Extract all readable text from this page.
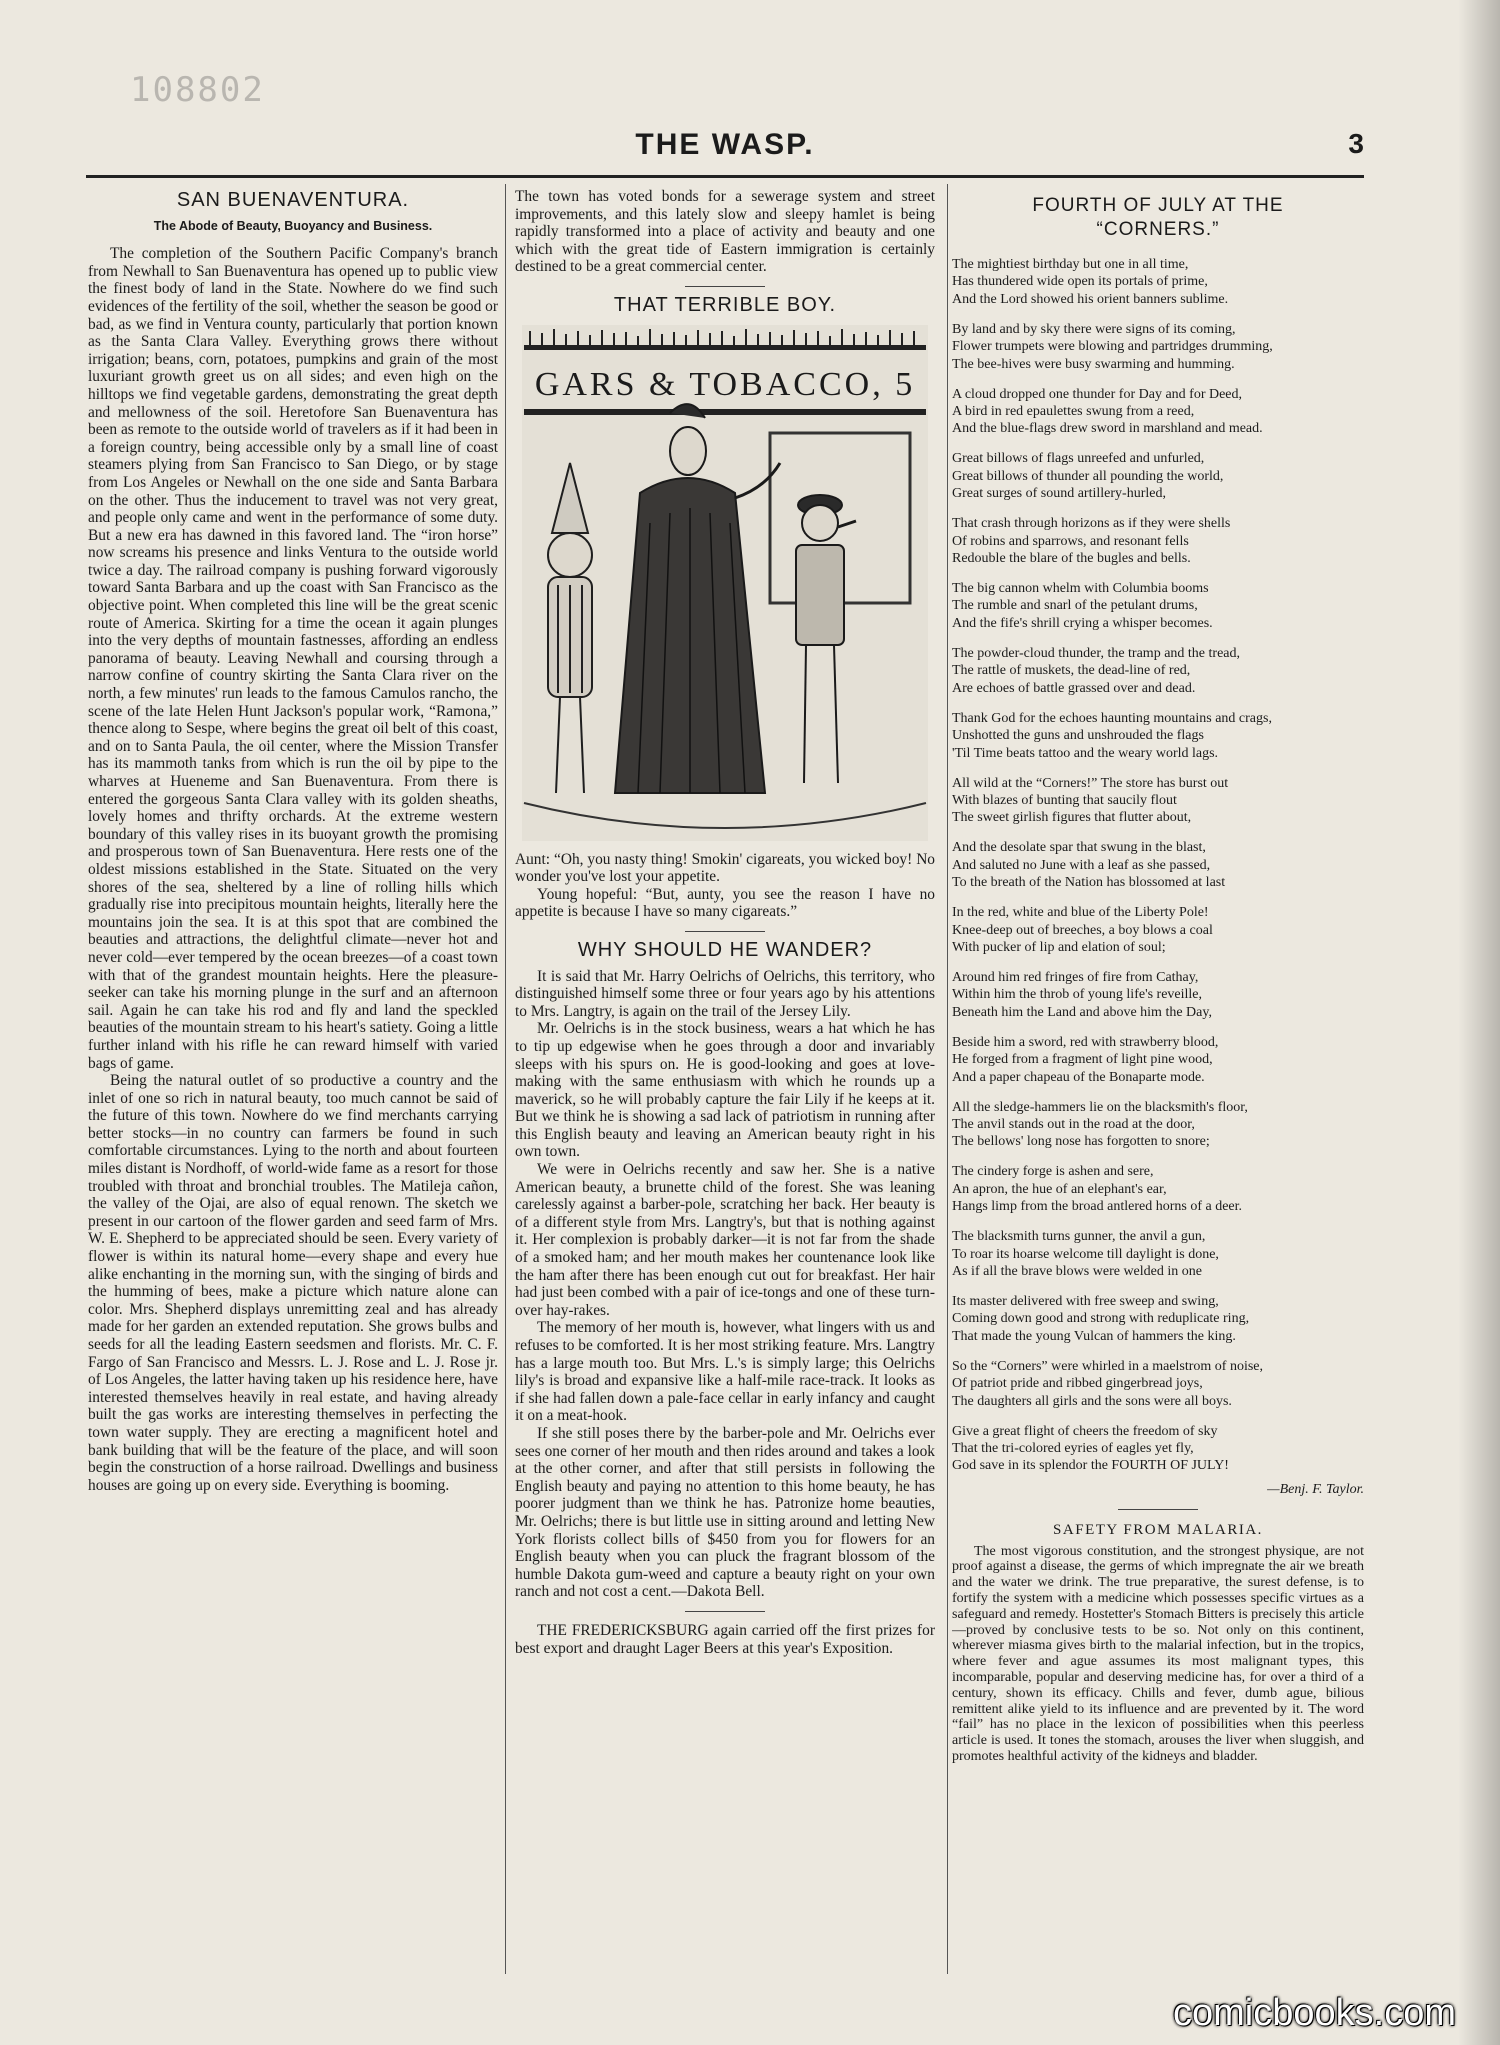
108802
THE WASP.	3
SAN BUENAVENTURA.
The Abode of Beauty, Buoyancy and Business.

The completion of the Southern Pacific Company's branch from Newhall to San Buenaventura has opened up to public view the finest body of land in the State. Nowhere do we find such evidences of the fertility of the soil, whether the season be good or bad, as we find in Ventura county, particularly that portion known as the Santa Clara Valley. Everything grows there without irrigation; beans, corn, potatoes, pumpkins and grain of the most luxuriant growth greet us on all sides; and even high on the hilltops we find vegetable gardens, demonstrating the great depth and mellowness of the soil. Heretofore San Buenaventura has been as remote to the outside world of travelers as if it had been in a foreign country, being accessible only by a small line of coast steamers plying from San Francisco to San Diego, or by stage from Los Angeles or Newhall on the one side and Santa Barbara on the other. Thus the inducement to travel was not very great, and people only came and went in the performance of some duty. But a new era has dawned in this favored land. The “iron horse” now screams his presence and links Ventura to the outside world twice a day. The railroad company is pushing forward vigorously toward Santa Barbara and up the coast with San Francisco as the objective point. When completed this line will be the great scenic route of America. Skirting for a time the ocean it again plunges into the very depths of mountain fastnesses, affording an endless panorama of beauty. Leaving Newhall and coursing through a narrow confine of country skirting the Santa Clara river on the north, a few minutes' run leads to the famous Camulos rancho, the scene of the late Helen Hunt Jackson's popular work, “Ramona,” thence along to Sespe, where begins the great oil belt of this coast, and on to Santa Paula, the oil center, where the Mission Transfer has its mammoth tanks from which is run the oil by pipe to the wharves at Hueneme and San Buenaventura. From there is entered the gorgeous Santa Clara valley with its golden sheaths, lovely homes and thrifty orchards. At the extreme western boundary of this valley rises in its buoyant growth the promising and prosperous town of San Buenaventura. Here rests one of the oldest missions established in the State. Situated on the very shores of the sea, sheltered by a line of rolling hills which gradually rise into precipitous mountain heights, literally here the mountains join the sea. It is at this spot that are combined the beauties and attractions, the delightful climate—never hot and never cold—ever tempered by the ocean breezes—of a coast town with that of the grandest mountain heights. Here the pleasure-seeker can take his morning plunge in the surf and an afternoon sail. Again he can take his rod and fly and land the speckled beauties of the mountain stream to his heart's satiety. Going a little further inland with his rifle he can reward himself with varied bags of game.

Being the natural outlet of so productive a country and the inlet of one so rich in natural beauty, too much cannot be said of the future of this town. Nowhere do we find merchants carrying better stocks—in no country can farmers be found in such comfortable circumstances. Lying to the north and about fourteen miles distant is Nordhoff, of world-wide fame as a resort for those troubled with throat and bronchial troubles. The Matileja cañon, the valley of the Ojai, are also of equal renown. The sketch we present in our cartoon of the flower garden and seed farm of Mrs. W. E. Shepherd to be appreciated should be seen. Every variety of flower is within its natural home—every shape and every hue alike enchanting in the morning sun, with the singing of birds and the humming of bees, make a picture which nature alone can color. Mrs. Shepherd displays unremitting zeal and has already made for her garden an extended reputation. She grows bulbs and seeds for all the leading Eastern seedsmen and florists. Mr. C. F. Fargo of San Francisco and Messrs. L. J. Rose and L. J. Rose jr. of Los Angeles, the latter having taken up his residence here, have interested themselves heavily in real estate, and having already built the gas works are interesting themselves in perfecting the town water supply. They are erecting a magnificent hotel and bank building that will be the feature of the place, and will soon begin the construction of a horse railroad. Dwellings and business houses are going up on every side. Everything is booming.

The town has voted bonds for a sewerage system and street improvements, and this lately slow and sleepy hamlet is being rapidly transformed into a place of activity and beauty and one which with the great tide of Eastern immigration is certainly destined to be a great commercial center.

THAT TERRIBLE BOY.
GARS & TOBACCO, 5

Aunt: “Oh, you nasty thing! Smokin' cigareats, you wicked boy! No wonder you've lost your appetite.

Young hopeful: “But, aunty, you see the reason I have no appetite is because I have so many cigareats.”

WHY SHOULD HE WANDER?

It is said that Mr. Harry Oelrichs of Oelrichs, this territory, who distinguished himself some three or four years ago by his attentions to Mrs. Langtry, is again on the trail of the Jersey Lily.

Mr. Oelrichs is in the stock business, wears a hat which he has to tip up edgewise when he goes through a door and invariably sleeps with his spurs on. He is good-looking and goes at love-making with the same enthusiasm with which he rounds up a maverick, so he will probably capture the fair Lily if he keeps at it. But we think he is showing a sad lack of patriotism in running after this English beauty and leaving an American beauty right in his own town.

We were in Oelrichs recently and saw her. She is a native American beauty, a brunette child of the forest. She was leaning carelessly against a barber-pole, scratching her back. Her beauty is of a different style from Mrs. Langtry's, but that is nothing against it. Her complexion is probably darker—it is not far from the shade of a smoked ham; and her mouth makes her countenance look like the ham after there has been enough cut out for breakfast. Her hair had just been combed with a pair of ice-tongs and one of these turn-over hay-rakes.

The memory of her mouth is, however, what lingers with us and refuses to be comforted. It is her most striking feature. Mrs. Langtry has a large mouth too. But Mrs. L.'s is simply large; this Oelrichs lily's is broad and expansive like a half-mile race-track. It looks as if she had fallen down a pale-face cellar in early infancy and caught it on a meat-hook.

If she still poses there by the barber-pole and Mr. Oelrichs ever sees one corner of her mouth and then rides around and takes a look at the other corner, and after that still persists in following the English beauty and paying no attention to this home beauty, he has poorer judgment than we think he has. Patronize home beauties, Mr. Oelrichs; there is but little use in sitting around and letting New York florists collect bills of $450 from you for flowers for an English beauty when you can pluck the fragrant blossom of the humble Dakota gum-weed and capture a beauty right on your own ranch and not cost a cent.—Dakota Bell.

THE FREDERICKSBURG again carried off the first prizes for best export and draught Lager Beers at this year's Exposition.

FOURTH OF JULY AT THE “CORNERS.”
The mightiest birthday but one in all time,
Has thundered wide open its portals of prime,
And the Lord showed his orient banners sublime.
By land and by sky there were signs of its coming,
Flower trumpets were blowing and partridges drumming,
The bee-hives were busy swarming and humming.
A cloud dropped one thunder for Day and for Deed,
A bird in red epaulettes swung from a reed,
And the blue-flags drew sword in marshland and mead.
Great billows of flags unreefed and unfurled,
Great billows of thunder all pounding the world,
Great surges of sound artillery-hurled,
That crash through horizons as if they were shells
Of robins and sparrows, and resonant fells
Redouble the blare of the bugles and bells.
The big cannon whelm with Columbia booms
The rumble and snarl of the petulant drums,
And the fife's shrill crying a whisper becomes.
The powder-cloud thunder, the tramp and the tread,
The rattle of muskets, the dead-line of red,
Are echoes of battle grassed over and dead.
Thank God for the echoes haunting mountains and crags,
Unshotted the guns and unshrouded the flags
'Til Time beats tattoo and the weary world lags.
All wild at the “Corners!” The store has burst out
With blazes of bunting that saucily flout
The sweet girlish figures that flutter about,
And the desolate spar that swung in the blast,
And saluted no June with a leaf as she passed,
To the breath of the Nation has blossomed at last
In the red, white and blue of the Liberty Pole!
Knee-deep out of breeches, a boy blows a coal
With pucker of lip and elation of soul;
Around him red fringes of fire from Cathay,
Within him the throb of young life's reveille,
Beneath him the Land and above him the Day,
Beside him a sword, red with strawberry blood,
He forged from a fragment of light pine wood,
And a paper chapeau of the Bonaparte mode.
All the sledge-hammers lie on the blacksmith's floor,
The anvil stands out in the road at the door,
The bellows' long nose has forgotten to snore;
The cindery forge is ashen and sere,
An apron, the hue of an elephant's ear,
Hangs limp from the broad antlered horns of a deer.
The blacksmith turns gunner, the anvil a gun,
To roar its hoarse welcome till daylight is done,
As if all the brave blows were welded in one
Its master delivered with free sweep and swing,
Coming down good and strong with reduplicate ring,
That made the young Vulcan of hammers the king.
So the “Corners” were whirled in a maelstrom of noise,
Of patriot pride and ribbed gingerbread joys,
The daughters all girls and the sons were all boys.
Give a great flight of cheers the freedom of sky
That the tri-colored eyries of eagles yet fly,
God save in its splendor the FOURTH OF JULY!
—Benj. F. Taylor.
SAFETY FROM MALARIA.

The most vigorous constitution, and the strongest physique, are not proof against a disease, the germs of which impregnate the air we breath and the water we drink. The true preparative, the surest defense, is to fortify the system with a medicine which possesses specific virtues as a safeguard and remedy. Hostetter's Stomach Bitters is precisely this article—proved by conclusive tests to be so. Not only on this continent, wherever miasma gives birth to the malarial infection, but in the tropics, where fever and ague assumes its most malignant types, this incomparable, popular and deserving medicine has, for over a third of a century, shown its efficacy. Chills and fever, dumb ague, bilious remittent alike yield to its influence and are prevented by it. The word “fail” has no place in the lexicon of possibilities when this peerless article is used. It tones the stomach, arouses the liver when sluggish, and promotes healthful activity of the kidneys and bladder.

comicbooks.com
